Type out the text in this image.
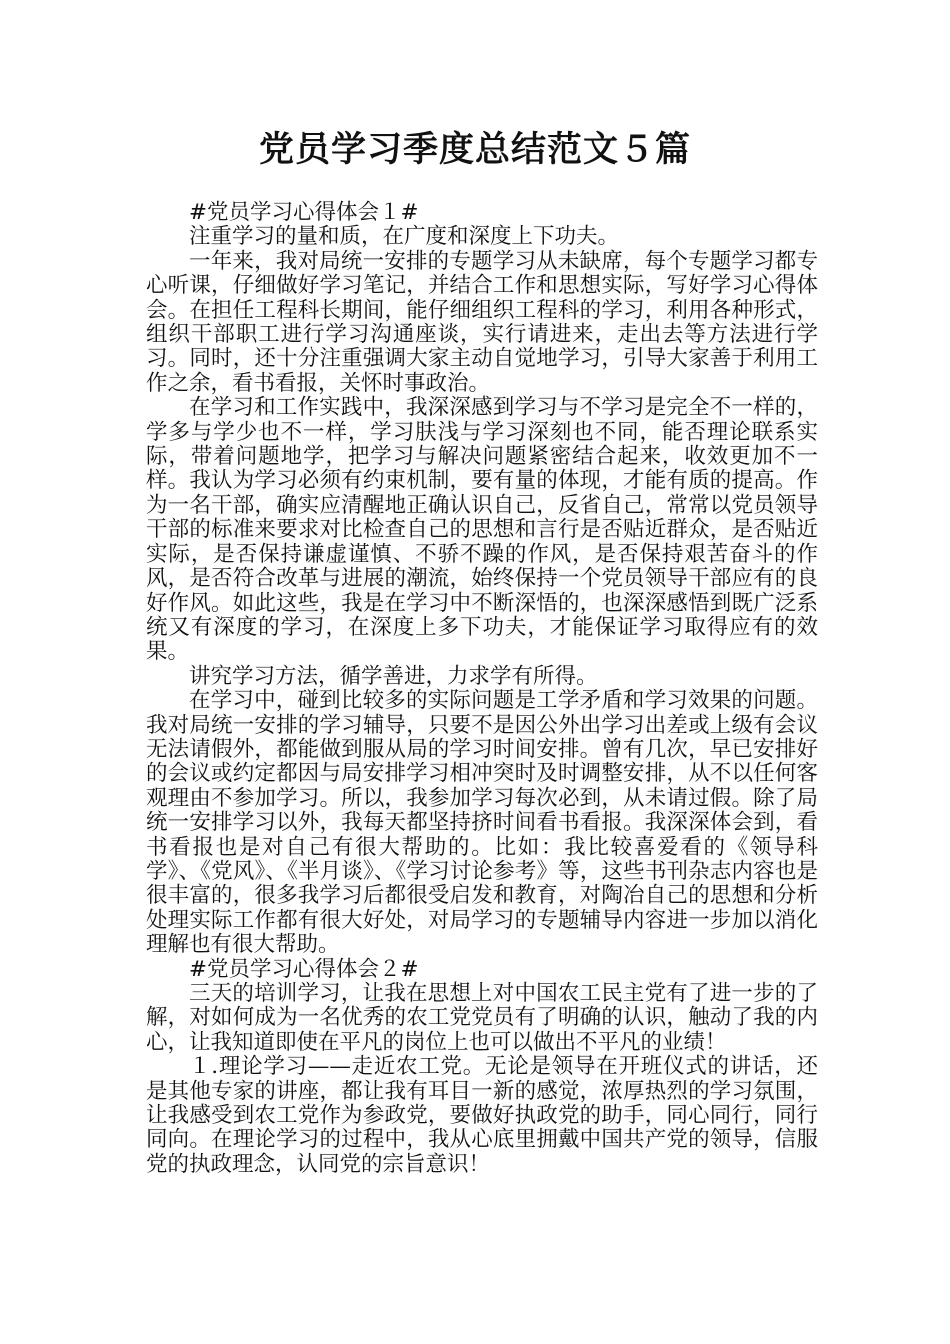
党员学习季度总结范文５篇

#党员学习心得体会１#

注重学习的量和质，在广度和深度上下功夫。

一年来，我对局统一安排的专题学习从未缺席，每个专题学习都专心听课，仔细做好学习笔记，并结合工作和思想实际，写好学习心得体会。在担任工程科长期间，能仔细组织工程科的学习，利用各种形式，组织干部职工进行学习沟通座谈，实行请进来，走出去等方法进行学习。同时，还十分注重强调大家主动自觉地学习，引导大家善于利用工作之余，看书看报，关怀时事政治。

在学习和工作实践中，我深深感到学习与不学习是完全不一样的，学多与学少也不一样，学习肤浅与学习深刻也不同，能否理论联系实际，带着问题地学，把学习与解决问题紧密结合起来，收效更加不一样。我认为学习必须有约束机制，要有量的体现，才能有质的提高。作为一名干部，确实应清醒地正确认识自己，反省自己，常常以党员领导干部的标准来要求对比检查自己的思想和言行是否贴近群众，是否贴近实际，是否保持谦虚谨慎、不骄不躁的作风，是否保持艰苦奋斗的作风，是否符合改革与进展的潮流，始终保持一个党员领导干部应有的良好作风。如此这些，我是在学习中不断深悟的，也深深感悟到既广泛系统又有深度的学习，在深度上多下功夫，才能保证学习取得应有的效果。

讲究学习方法，循学善进，力求学有所得。

在学习中，碰到比较多的实际问题是工学矛盾和学习效果的问题。我对局统一安排的学习辅导，只要不是因公外出学习出差或上级有会议无法请假外，都能做到服从局的学习时间安排。曾有几次，早已安排好的会议或约定都因与局安排学习相冲突时及时调整安排，从不以任何客观理由不参加学习。所以，我参加学习每次必到，从未请过假。除了局统一安排学习以外，我每天都坚持挤时间看书看报。我深深体会到，看书看报也是对自己有很大帮助的。比如：我比较喜爱看的《领导科学》、《党风》、《半月谈》、《学习讨论参考》等，这些书刊杂志内容也是很丰富的，很多我学习后都很受启发和教育，对陶冶自己的思想和分析处理实际工作都有很大好处，对局学习的专题辅导内容进一步加以消化理解也有很大帮助。

#党员学习心得体会２#

三天的培训学习，让我在思想上对中国农工民主党有了进一步的了解，对如何成为一名优秀的农工党党员有了明确的认识，触动了我的内心，让我知道即使在平凡的岗位上也可以做出不平凡的业绩！

１.理论学习——走近农工党。无论是领导在开班仪式的讲话，还是其他专家的讲座，都让我有耳目一新的感觉，浓厚热烈的学习氛围，让我感受到农工党作为参政党，要做好执政党的助手，同心同行，同行同向。在理论学习的过程中，我从心底里拥戴中国共产党的领导，信服党的执政理念，认同党的宗旨意识！
